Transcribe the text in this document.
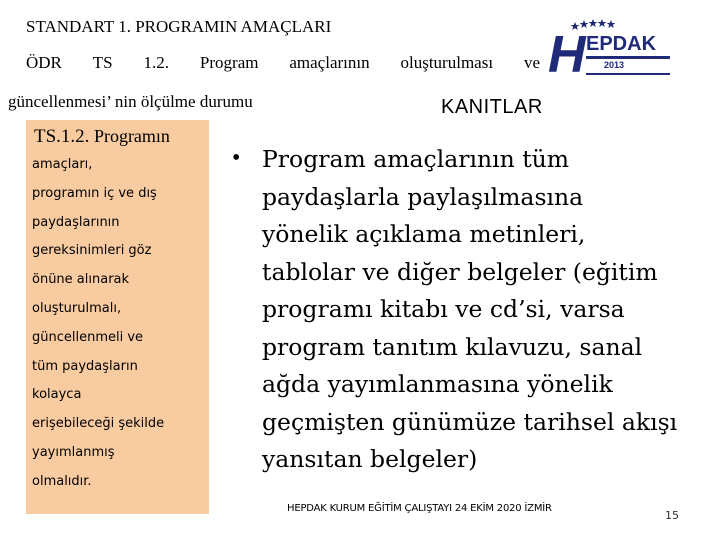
STANDART 1. PROGRAMIN AMAÇLARI
ÖDR TS 1.2. Program amaçlarının oluşturulması ve
güncellenmesi’ nin ölçülme durumu
H EPDAK
2013
KANITLAR
TS.1.2. Programın
amaçları,
programın iç ve dış
paydaşlarının
gereksinimleri göz
önüne alınarak
oluşturulmalı,
güncellenmeli ve
tüm paydaşların
kolayca
erişebileceği şekilde
yayımlanmış
olmalıdır.
• Program amaçlarının tüm
paydaşlarla paylaşılmasına
yönelik açıklama metinleri,
tablolar ve diğer belgeler (eğitim
programı kitabı ve cd’si, varsa
program tanıtım kılavuzu, sanal
ağda yayımlanmasına yönelik
geçmişten günümüze tarihsel akışı
yansıtan belgeler)
HEPDAK KURUM EĞİTİM ÇALIŞTAYI 24 EKİM 2020 İZMİR
15
